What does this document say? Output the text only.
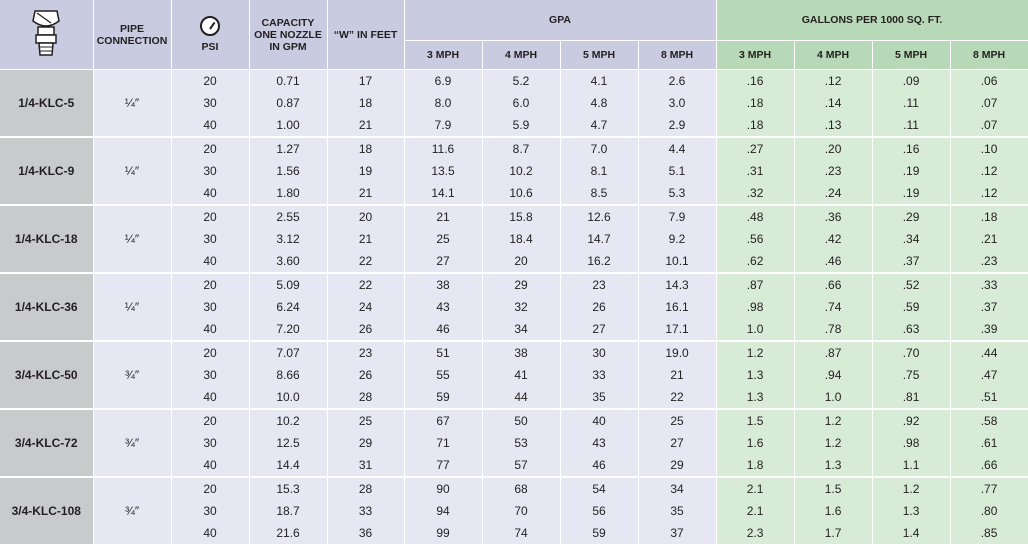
	PIPE CONNECTION	PSI	CAPACITY ONE NOZZLE IN GPM	“W” IN FEET	GPA				GALLONS PER 1000 SQ. FT.			
					3 MPH	4 MPH	5 MPH	8 MPH	3 MPH	4 MPH	5 MPH	8 MPH
1/4-KLC-5	¼″	20	0.71	17	6.9	5.2	4.1	2.6	.16	.12	.09	.06
		30	0.87	18	8.0	6.0	4.8	3.0	.18	.14	.11	.07
		40	1.00	21	7.9	5.9	4.7	2.9	.18	.13	.11	.07
1/4-KLC-9	¼″	20	1.27	18	11.6	8.7	7.0	4.4	.27	.20	.16	.10
		30	1.56	19	13.5	10.2	8.1	5.1	.31	.23	.19	.12
		40	1.80	21	14.1	10.6	8.5	5.3	.32	.24	.19	.12
1/4-KLC-18	¼″	20	2.55	20	21	15.8	12.6	7.9	.48	.36	.29	.18
		30	3.12	21	25	18.4	14.7	9.2	.56	.42	.34	.21
		40	3.60	22	27	20	16.2	10.1	.62	.46	.37	.23
1/4-KLC-36	¼″	20	5.09	22	38	29	23	14.3	.87	.66	.52	.33
		30	6.24	24	43	32	26	16.1	.98	.74	.59	.37
		40	7.20	26	46	34	27	17.1	1.0	.78	.63	.39
3/4-KLC-50	¾″	20	7.07	23	51	38	30	19.0	1.2	.87	.70	.44
		30	8.66	26	55	41	33	21	1.3	.94	.75	.47
		40	10.0	28	59	44	35	22	1.3	1.0	.81	.51
3/4-KLC-72	¾″	20	10.2	25	67	50	40	25	1.5	1.2	.92	.58
		30	12.5	29	71	53	43	27	1.6	1.2	.98	.61
		40	14.4	31	77	57	46	29	1.8	1.3	1.1	.66
3/4-KLC-108	¾″	20	15.3	28	90	68	54	34	2.1	1.5	1.2	.77
		30	18.7	33	94	70	56	35	2.1	1.6	1.3	.80
		40	21.6	36	99	74	59	37	2.3	1.7	1.4	.85
